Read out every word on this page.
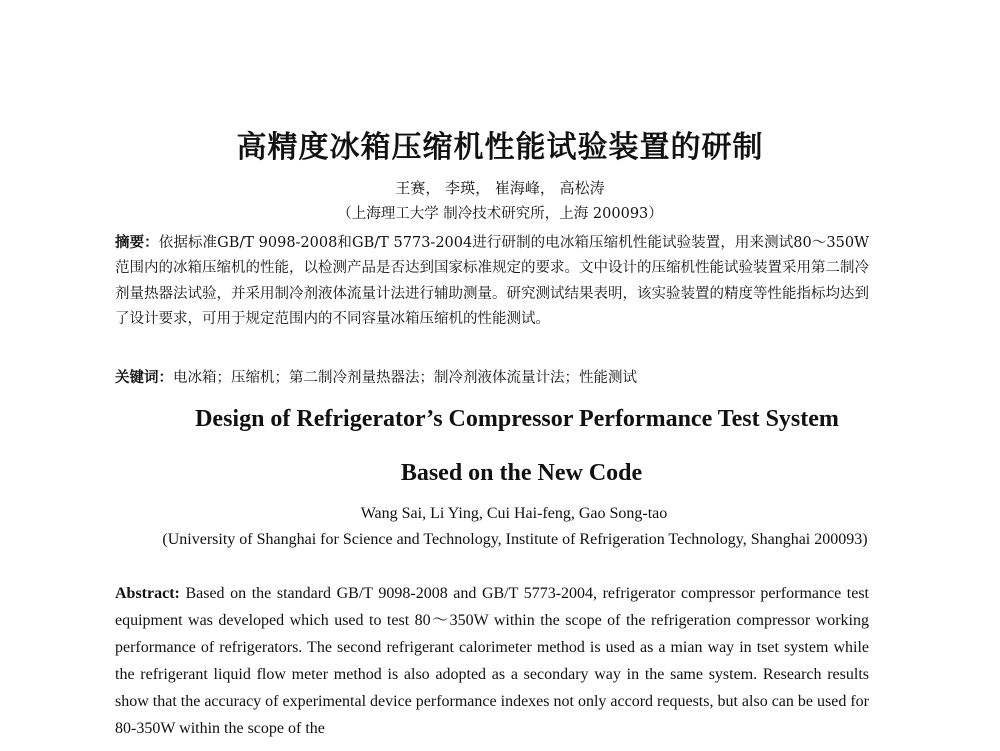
高精度冰箱压缩机性能试验装置的研制
王赛， 李瑛， 崔海峰， 高松涛
（上海理工大学 制冷技术研究所，上海 200093）
摘要：依据标准GB/T 9098-2008和GB/T 5773-2004进行研制的电冰箱压缩机性能试验装置，用来测试80～350W范围内的冰箱压缩机的性能，以检测产品是否达到国家标准规定的要求。文中设计的压缩机性能试验装置采用第二制冷剂量热器法试验，并采用制冷剂液体流量计法进行辅助测量。研究测试结果表明，该实验装置的精度等性能指标均达到了设计要求，可用于规定范围内的不同容量冰箱压缩机的性能测试。
关键词：电冰箱；压缩机；第二制冷剂量热器法；制冷剂液体流量计法；性能测试
Design of Refrigerator’s Compressor Performance Test System
Based on the New Code
Wang Sai, Li Ying, Cui Hai-feng, Gao Song-tao
(University of Shanghai for Science and Technology, Institute of Refrigeration Technology, Shanghai 200093)
Abstract: Based on the standard GB/T 9098-2008 and GB/T 5773-2004, refrigerator compressor performance test equipment was developed which used to test 80～350W within the scope of the refrigeration compressor working performance of refrigerators. The second refrigerant calorimeter method is used as a mian way in tset system while the refrigerant liquid flow meter method is also adopted as a secondary way in the same system. Research results show that the accuracy of experimental device performance indexes not only accord requests, but also can be used for 80-350W within the scope of the
